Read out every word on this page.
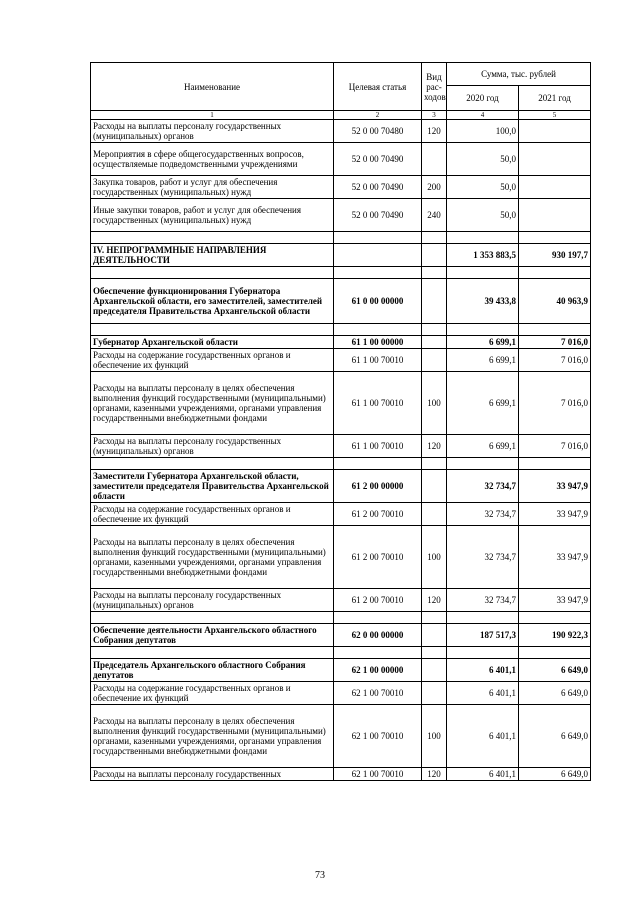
Наименование	Целевая статья	Вид рас-ходов	Сумма, тыс. рублей	
			2020 год	2021 год
1	2	3	4	5
Расходы на выплаты персоналу государственных (муниципальных) органов	52 0 00 70480	120	100,0	
Мероприятия в сфере общегосударственных вопросов, осуществляемые подведомственными учреждениями	52 0 00 70490		50,0	
Закупка товаров, работ и услуг для обеспечения государственных (муниципальных) нужд	52 0 00 70490	200	50,0	
Иные закупки товаров, работ и услуг для обеспечения государственных (муниципальных) нужд	52 0 00 70490	240	50,0	

IV. НЕПРОГРАММНЫЕ НАПРАВЛЕНИЯ ДЕЯТЕЛЬНОСТИ			1 353 883,5	930 197,7

Обеспечение функционирования Губернатора Архангельской области, его заместителей, заместителей председателя Правительства Архангельской области	61 0 00 00000		39 433,8	40 963,9

Губернатор Архангельской области	61 1 00 00000		6 699,1	7 016,0
Расходы на содержание государственных органов и обеспечение их функций	61 1 00 70010		6 699,1	7 016,0
Расходы на выплаты персоналу в целях обеспечения выполнения функций государственными (муниципальными) органами, казенными учреждениями, органами управления государственными внебюджетными фондами	61 1 00 70010	100	6 699,1	7 016,0
Расходы на выплаты персоналу государственных (муниципальных) органов	61 1 00 70010	120	6 699,1	7 016,0

Заместители Губернатора Архангельской области, заместители председателя Правительства Архангельской области	61 2 00 00000		32 734,7	33 947,9
Расходы на содержание государственных органов и обеспечение их функций	61 2 00 70010		32 734,7	33 947,9
Расходы на выплаты персоналу в целях обеспечения выполнения функций государственными (муниципальными) органами, казенными учреждениями, органами управления государственными внебюджетными фондами	61 2 00 70010	100	32 734,7	33 947,9
Расходы на выплаты персоналу государственных (муниципальных) органов	61 2 00 70010	120	32 734,7	33 947,9

Обеспечение деятельности Архангельского областного Собрания депутатов	62 0 00 00000		187 517,3	190 922,3

Председатель Архангельского областного Собрания депутатов	62 1 00 00000		6 401,1	6 649,0
Расходы на содержание государственных органов и обеспечение их функций	62 1 00 70010		6 401,1	6 649,0
Расходы на выплаты персоналу в целях обеспечения выполнения функций государственными (муниципальными) органами, казенными учреждениями, органами управления государственными внебюджетными фондами	62 1 00 70010	100	6 401,1	6 649,0
Расходы на выплаты персоналу государственных	62 1 00 70010	120	6 401,1	6 649,0
73
